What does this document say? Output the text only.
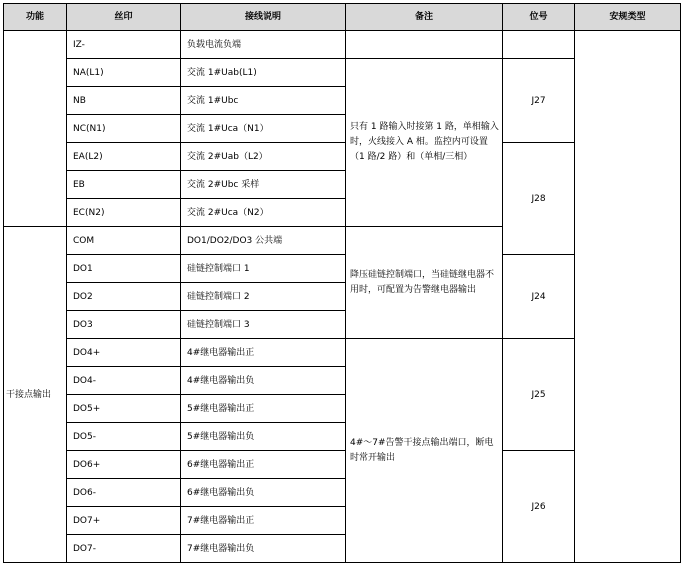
功能	丝印	接线说明	备注	位号	安规类型
	IZ-	负载电流负端			
	NA(L1)	交流 1#Uab(L1)	只有 1 路输入时接第 1 路，单相输入时，火线接入 A 相。监控内可设置（1 路/2 路）和（单相/三相）	J27	
	NB	交流 1#Ubc			
	NC(N1)	交流 1#Uca（N1）			
	EA(L2)	交流 2#Uab（L2）		J28	
	EB	交流 2#Ubc 采样			
	EC(N2)	交流 2#Uca（N2）			
干接点输出	COM	DO1/DO2/DO3 公共端	降压硅链控制端口，当硅链继电器不用时，可配置为告警继电器输出		
	DO1	硅链控制端口 1		J24	
	DO2	硅链控制端口 2			
	DO3	硅链控制端口 3			
	DO4+	4#继电器输出正	4#～7#告警干接点输出端口，断电时常开输出	J25	
	DO4-	4#继电器输出负			
	DO5+	5#继电器输出正			
	DO5-	5#继电器输出负			
	DO6+	6#继电器输出正		J26	
	DO6-	6#继电器输出负			
	DO7+	7#继电器输出正			
	DO7-	7#继电器输出负			
